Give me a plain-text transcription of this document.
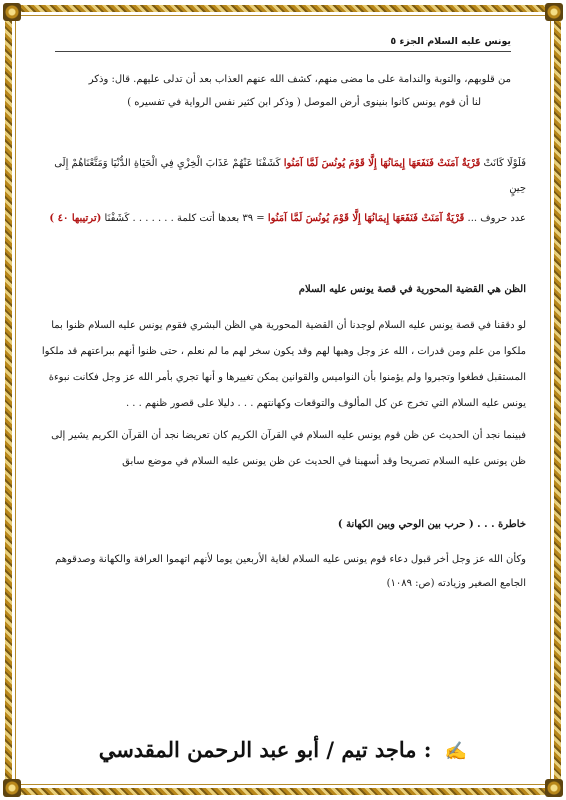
يونس عليه السلام الجزء ٥

من قلوبهم، والتوبة والندامة على ما مضى منهم، كشف الله عنهم العذاب بعد أن تدلى عليهم. قال: وذكر

لنا أن قوم يونس كانوا بنينوى أرض الموصل ( وذكر ابن كثير نفس الرواية في تفسيره )

فَلَوْلَا كَانَتْ قَرْيَةٌ آمَنَتْ فَنَفَعَهَا إِيمَانُهَا إِلَّا قَوْمَ يُونُسَ لَمَّا آمَنُوا كَشَفْنَا عَنْهُمْ عَذَابَ الْخِزْيِ فِي الْحَيَاةِ الدُّنْيَا وَمَتَّعْنَاهُمْ إِلَى حِينٍ

عدد حروف ... قَرْيَةٌ آمَنَتْ فَنَفَعَهَا إِيمَانُهَا إِلَّا قَوْمَ يُونُسَ لَمَّا آمَنُوا = ٣٩ بعدها أتت كلمة . . . . . . . كَشَفْنَا (ترتيبها ٤٠ )

الظن هي القضية المحورية في قصة يونس عليه السلام

لو دققنا في قصة يونس عليه السلام لوجدنا أن القضية المحورية هي الظن البشري فقوم يونس عليه السلام ظنوا بما ملكوا من علم ومن قدرات ، الله عز وجل وهبها لهم وقد يكون سخر لهم ما لم نعلم ، حتى ظنوا أنهم ببراعتهم قد ملكوا المستقبل فطغوا وتجبروا ولم يؤمنوا بأن النواميس والقوانين يمكن تغييرها و أنها تجري بأمر الله عز وجل فكانت نبوءة يونس عليه السلام التي تخرج عن كل المألوف والتوقعات وكهانتهم . . . دليلا على قصور ظنهم . . .

فبينما نجد أن الحديث عن ظن قوم يونس عليه السلام في القرآن الكريم كان تعريضا نجد أن القرآن الكريم يشير إلى ظن يونس عليه السلام تصريحا وقد أسهبنا في الحديث عن ظن يونس عليه السلام في موضع سابق

خاطرة . . . ( حرب بين الوحي وبين الكهانة )

وكأن الله عز وجل أخر قبول دعاء قوم يونس عليه السلام لغاية الأربعين يوما لأنهم اتهموا العرافة والكهانة وصدقوهم الجامع الصغير وزيادته (ص: ١٠٨٩)

✍ : ماجد تيم / أبو عبد الرحمن المقدسي
